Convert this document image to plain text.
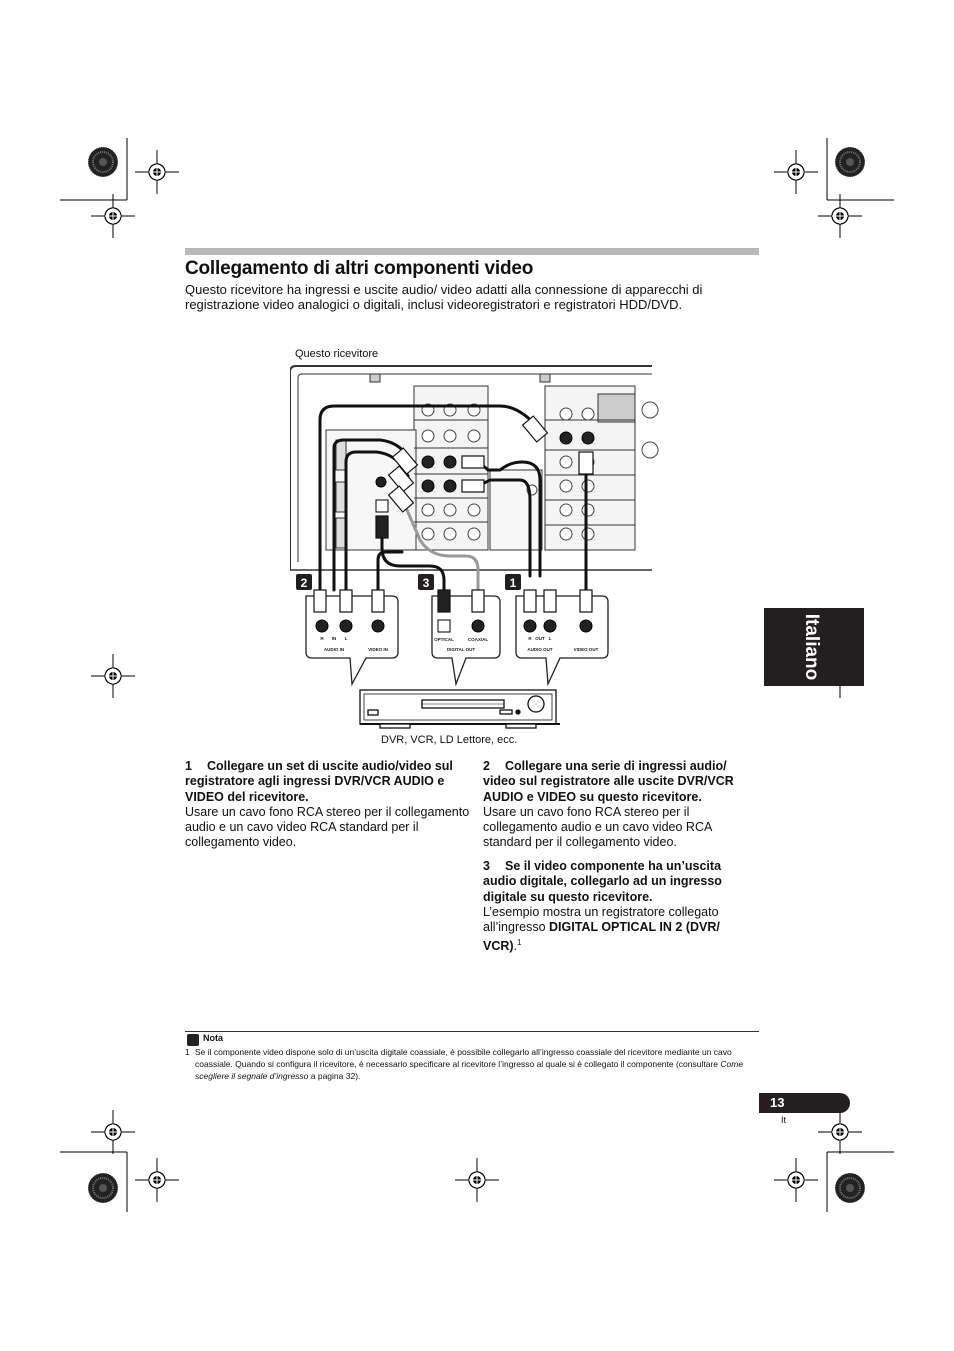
Collegamento di altri componenti video
Questo ricevitore ha ingressi e uscite audio/ video adatti alla connessione di apparecchi di registrazione video analogici o digitali, inclusi videoregistratori e registratori HDD/DVD.
Questo ricevitore
2	3	1
R IN L
AUDIO IN	VIDEO IN
OPTICAL	COAXIAL
DIGITAL OUT
R OUT L
AUDIO OUT	VIDEO OUT
DVR, VCR, LD Lettore, ecc.
1 Collegare un set di uscite audio/video sul registratore agli ingressi DVR/VCR AUDIO e VIDEO del ricevitore.
Usare un cavo fono RCA stereo per il collegamento audio e un cavo video RCA standard per il collegamento video.
2 Collegare una serie di ingressi audio/ video sul registratore alle uscite DVR/VCR AUDIO e VIDEO su questo ricevitore.
Usare un cavo fono RCA stereo per il collegamento audio e un cavo video RCA standard per il collegamento video.
3 Se il video componente ha un’uscita audio digitale, collegarlo ad un ingresso digitale su questo ricevitore.
L’esempio mostra un registratore collegato all’ingresso DIGITAL OPTICAL IN 2 (DVR/ VCR).$^1$
Nota
1 Se il componente video dispone solo di un’uscita digitale coassiale, è possibile collegarlo all’ingresso coassiale del ricevitore mediante un cavo coassiale. Quando si configura il ricevitore, è necessario specificare al ricevitore l’ingresso al quale si è collegato il componente (consultare Come scegliere il segnale d’ingresso a pagina 32).
Italiano
13
It
